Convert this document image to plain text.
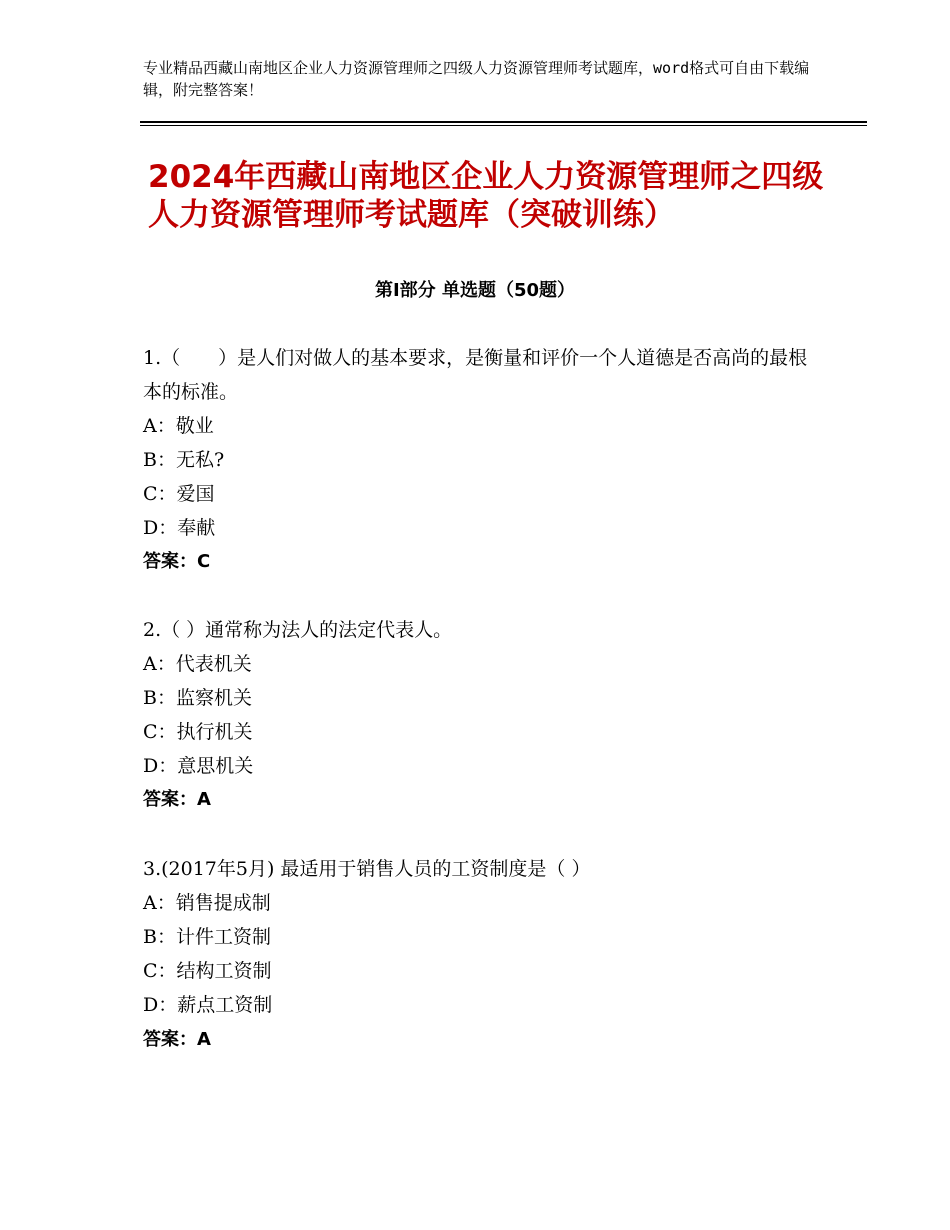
专业精品西藏山南地区企业人力资源管理师之四级人力资源管理师考试题库，word格式可自由下载编辑，附完整答案！
2024年西藏山南地区企业人力资源管理师之四级人力资源管理师考试题库（突破训练）
第Ⅰ部分 单选题（50题）
1.（　　）是人们对做人的基本要求，是衡量和评价一个人道德是否高尚的最根本的标准。
A：敬业
B：无私?
C：爱国
D：奉献
答案：C
2.（ ）通常称为法人的法定代表人。
A：代表机关
B：监察机关
C：执行机关
D：意思机关
答案：A
3.(2017年5月) 最适用于销售人员的工资制度是（ ）
A：销售提成制
B：计件工资制
C：结构工资制
D：薪点工资制
答案：A
